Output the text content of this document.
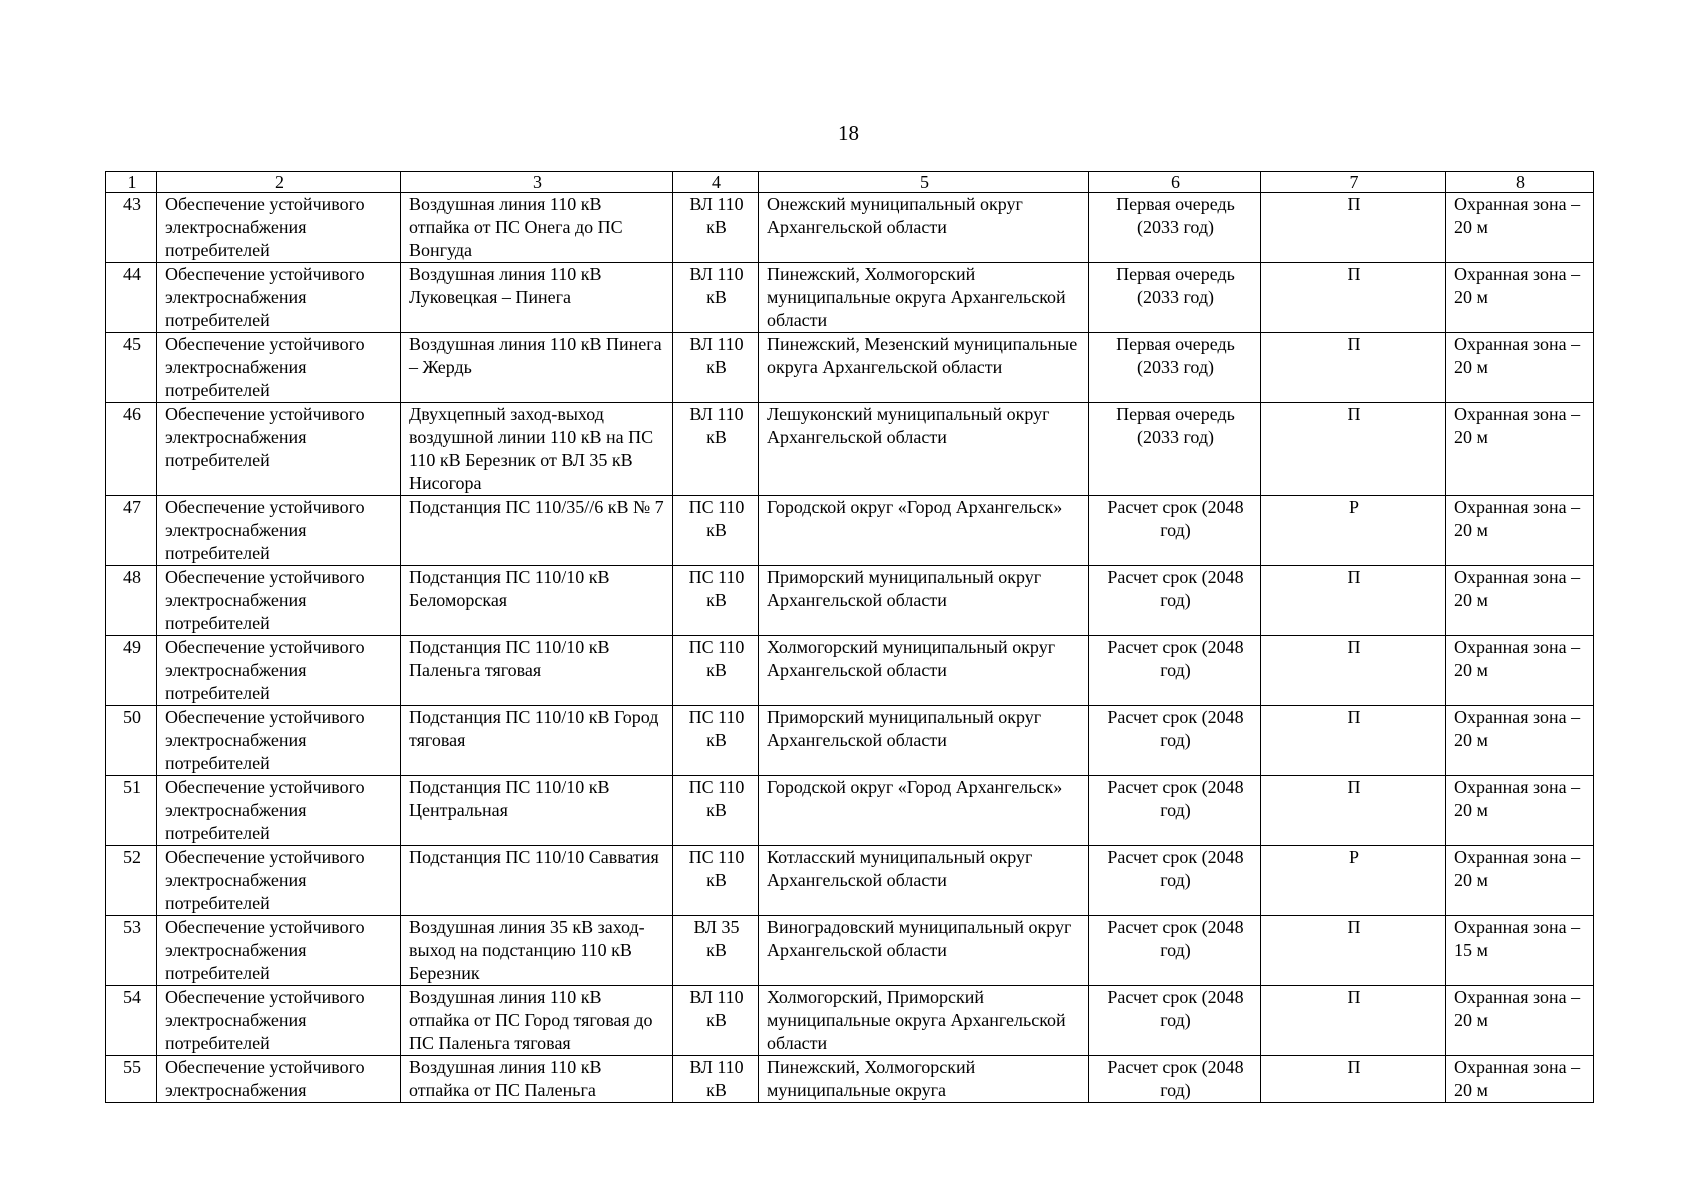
18
1	2	3	4	5	6	7	8
43	Обеспечение устойчивого электроснабжения потребителей	Воздушная линия 110 кВ отпайка от ПС Онега до ПС Вонгуда	ВЛ 110 кВ	Онежский муниципальный округ Архангельской области	Первая очередь (2033 год)	П	Охранная зона – 20 м
44	Обеспечение устойчивого электроснабжения потребителей	Воздушная линия 110 кВ Луковецкая – Пинега	ВЛ 110 кВ	Пинежский, Холмогорский муниципальные округа Архангельской области	Первая очередь (2033 год)	П	Охранная зона – 20 м
45	Обеспечение устойчивого электроснабжения потребителей	Воздушная линия 110 кВ Пинега – Жердь	ВЛ 110 кВ	Пинежский, Мезенский муниципальные округа Архангельской области	Первая очередь (2033 год)	П	Охранная зона – 20 м
46	Обеспечение устойчивого электроснабжения потребителей	Двухцепный заход-выход воздушной линии 110 кВ на ПС 110 кВ Березник от ВЛ 35 кВ Нисогора	ВЛ 110 кВ	Лешуконский муниципальный округ Архангельской области	Первая очередь (2033 год)	П	Охранная зона – 20 м
47	Обеспечение устойчивого электроснабжения потребителей	Подстанция ПС 110/35//6 кВ № 7	ПС 110 кВ	Городской округ «Город Архангельск»	Расчет срок (2048 год)	Р	Охранная зона – 20 м
48	Обеспечение устойчивого электроснабжения потребителей	Подстанция ПС 110/10 кВ Беломорская	ПС 110 кВ	Приморский муниципальный округ Архангельской области	Расчет срок (2048 год)	П	Охранная зона – 20 м
49	Обеспечение устойчивого электроснабжения потребителей	Подстанция ПС 110/10 кВ Паленьга тяговая	ПС 110 кВ	Холмогорский муниципальный округ Архангельской области	Расчет срок (2048 год)	П	Охранная зона – 20 м
50	Обеспечение устойчивого электроснабжения потребителей	Подстанция ПС 110/10 кВ Город тяговая	ПС 110 кВ	Приморский муниципальный округ Архангельской области	Расчет срок (2048 год)	П	Охранная зона – 20 м
51	Обеспечение устойчивого электроснабжения потребителей	Подстанция ПС 110/10 кВ Центральная	ПС 110 кВ	Городской округ «Город Архангельск»	Расчет срок (2048 год)	П	Охранная зона – 20 м
52	Обеспечение устойчивого электроснабжения потребителей	Подстанция ПС 110/10 Савватия	ПС 110 кВ	Котласский муниципальный округ Архангельской области	Расчет срок (2048 год)	Р	Охранная зона – 20 м
53	Обеспечение устойчивого электроснабжения потребителей	Воздушная линия 35 кВ заход-выход на подстанцию 110 кВ Березник	ВЛ 35 кВ	Виноградовский муниципальный округ Архангельской области	Расчет срок (2048 год)	П	Охранная зона – 15 м
54	Обеспечение устойчивого электроснабжения потребителей	Воздушная линия 110 кВ отпайка от ПС Город тяговая до ПС Паленьга тяговая	ВЛ 110 кВ	Холмогорский, Приморский муниципальные округа Архангельской области	Расчет срок (2048 год)	П	Охранная зона – 20 м
55	Обеспечение устойчивого электроснабжения	Воздушная линия 110 кВ отпайка от ПС Паленьга	ВЛ 110 кВ	Пинежский, Холмогорский муниципальные округа	Расчет срок (2048 год)	П	Охранная зона – 20 м
